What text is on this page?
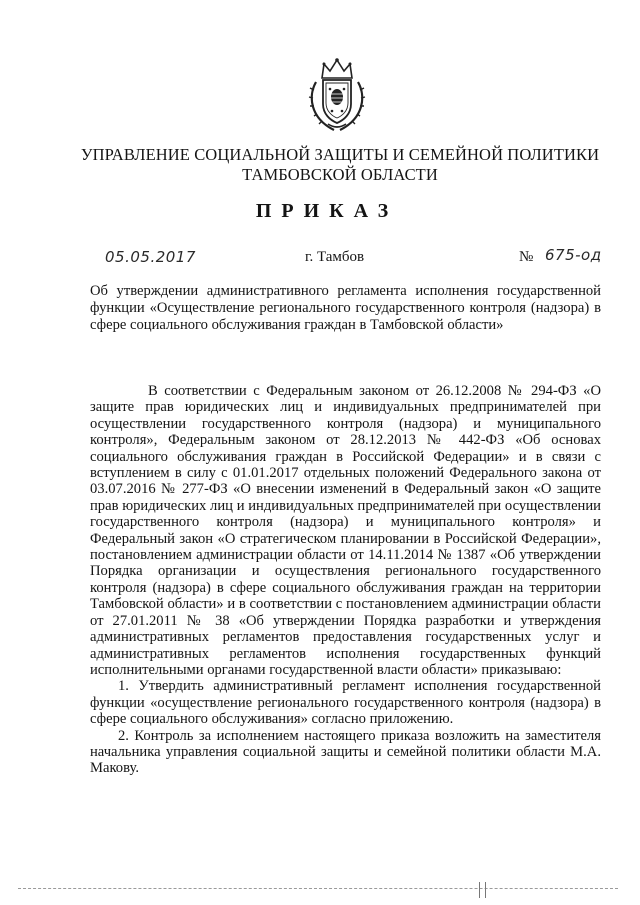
УПРАВЛЕНИЕ СОЦИАЛЬНОЙ ЗАЩИТЫ И СЕМЕЙНОЙ ПОЛИТИКИ
ТАМБОВСКОЙ ОБЛАСТИ
ПРИКАЗ
05.05.2017	г. Тамбов	№ 675-од
Об утверждении административного регламента исполнения государственной функции «Осуществление регионального государственного контроля (надзора) в сфере социального обслуживания граждан в Тамбовской области»

В соответствии с Федеральным законом от 26.12.2008 № 294-ФЗ «О защите прав юридических лиц и индивидуальных предпринимателей при осуществлении государственного контроля (надзора) и муниципального контроля», Федеральным законом от 28.12.2013 № 442-ФЗ «Об основах социального обслуживания граждан в Российской Федерации» и в связи с вступлением в силу с 01.01.2017 отдельных положений Федерального закона от 03.07.2016 № 277-ФЗ «О внесении изменений в Федеральный закон «О защите прав юридических лиц и индивидуальных предпринимателей при осуществлении государственного контроля (надзора) и муниципального контроля» и Федеральный закон «О стратегическом планировании в Российской Федерации», постановлением администрации области от 14.11.2014 № 1387 «Об утверждении Порядка организации и осуществления регионального государственного контроля (надзора) в сфере социального обслуживания граждан на территории Тамбовской области» и в соответствии с постановлением администрации области от 27.01.2011 № 38 «Об утверждении Порядка разработки и утверждения административных регламентов предоставления государственных услуг и административных регламентов исполнения государственных функций исполнительными органами государственной власти области» приказываю:

1. Утвердить административный регламент исполнения государственной функции «осуществление регионального государственного контроля (надзора) в сфере социального обслуживания» согласно приложению.

2. Контроль за исполнением настоящего приказа возложить на заместителя начальника управления социальной защиты и семейной политики области М.А. Макову.
